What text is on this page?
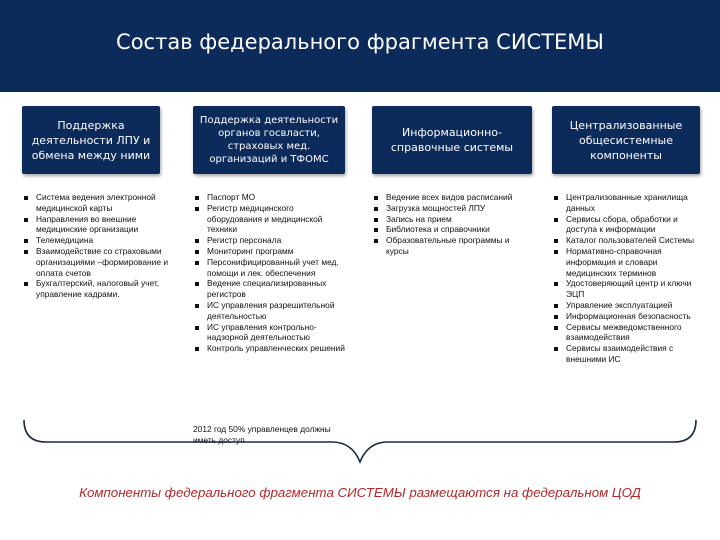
Состав федерального фрагмента СИСТЕМЫ
Поддержка деятельности ЛПУ и обмена между ними
Поддержка деятельности органов госвласти, страховых мед. организаций и ТФОМС
Информационно-справочные системы
Централизованные общесистемные компоненты
Система ведения электронной медицинской карты
Направления во внешние медицинские организации
Телемедицина
Взаимодействие со страховыми организациями –формирование и оплата счетов
Бухгалтерский, налоговый учет, управление кадрами.
Паспорт МО
Регистр медицинского оборудования и медицинской техники
Регистр персонала
Мониторинг программ
Персонифицированный учет мед. помощи и лек. обеспечения
Ведение специализированных регистров
ИС управления разрешительной деятельностью
ИС управления контрольно-надзорной деятельностью
Контроль управленческих решений
2012 год 50% управленцев должны иметь доступ
Ведение всех видов расписаний
Загрузка мощностей ЛПУ
Запись на прием
Библиотека и справочники
Образовательные программы и курсы
Централизованные хранилища данных
Сервисы сбора, обработки и доступа к информации
Каталог пользователей Системы
Нормативно-справочная информация и словари медицинских терминов
Удостоверяющий центр и ключи ЭЦП
Управление эксплуатацией
Информационная безопасность
Сервисы межведомственного взаимодействия
Сервисы взаимодействия с внешними ИС
Компоненты федерального фрагмента СИСТЕМЫ размещаются на федеральном ЦОД
